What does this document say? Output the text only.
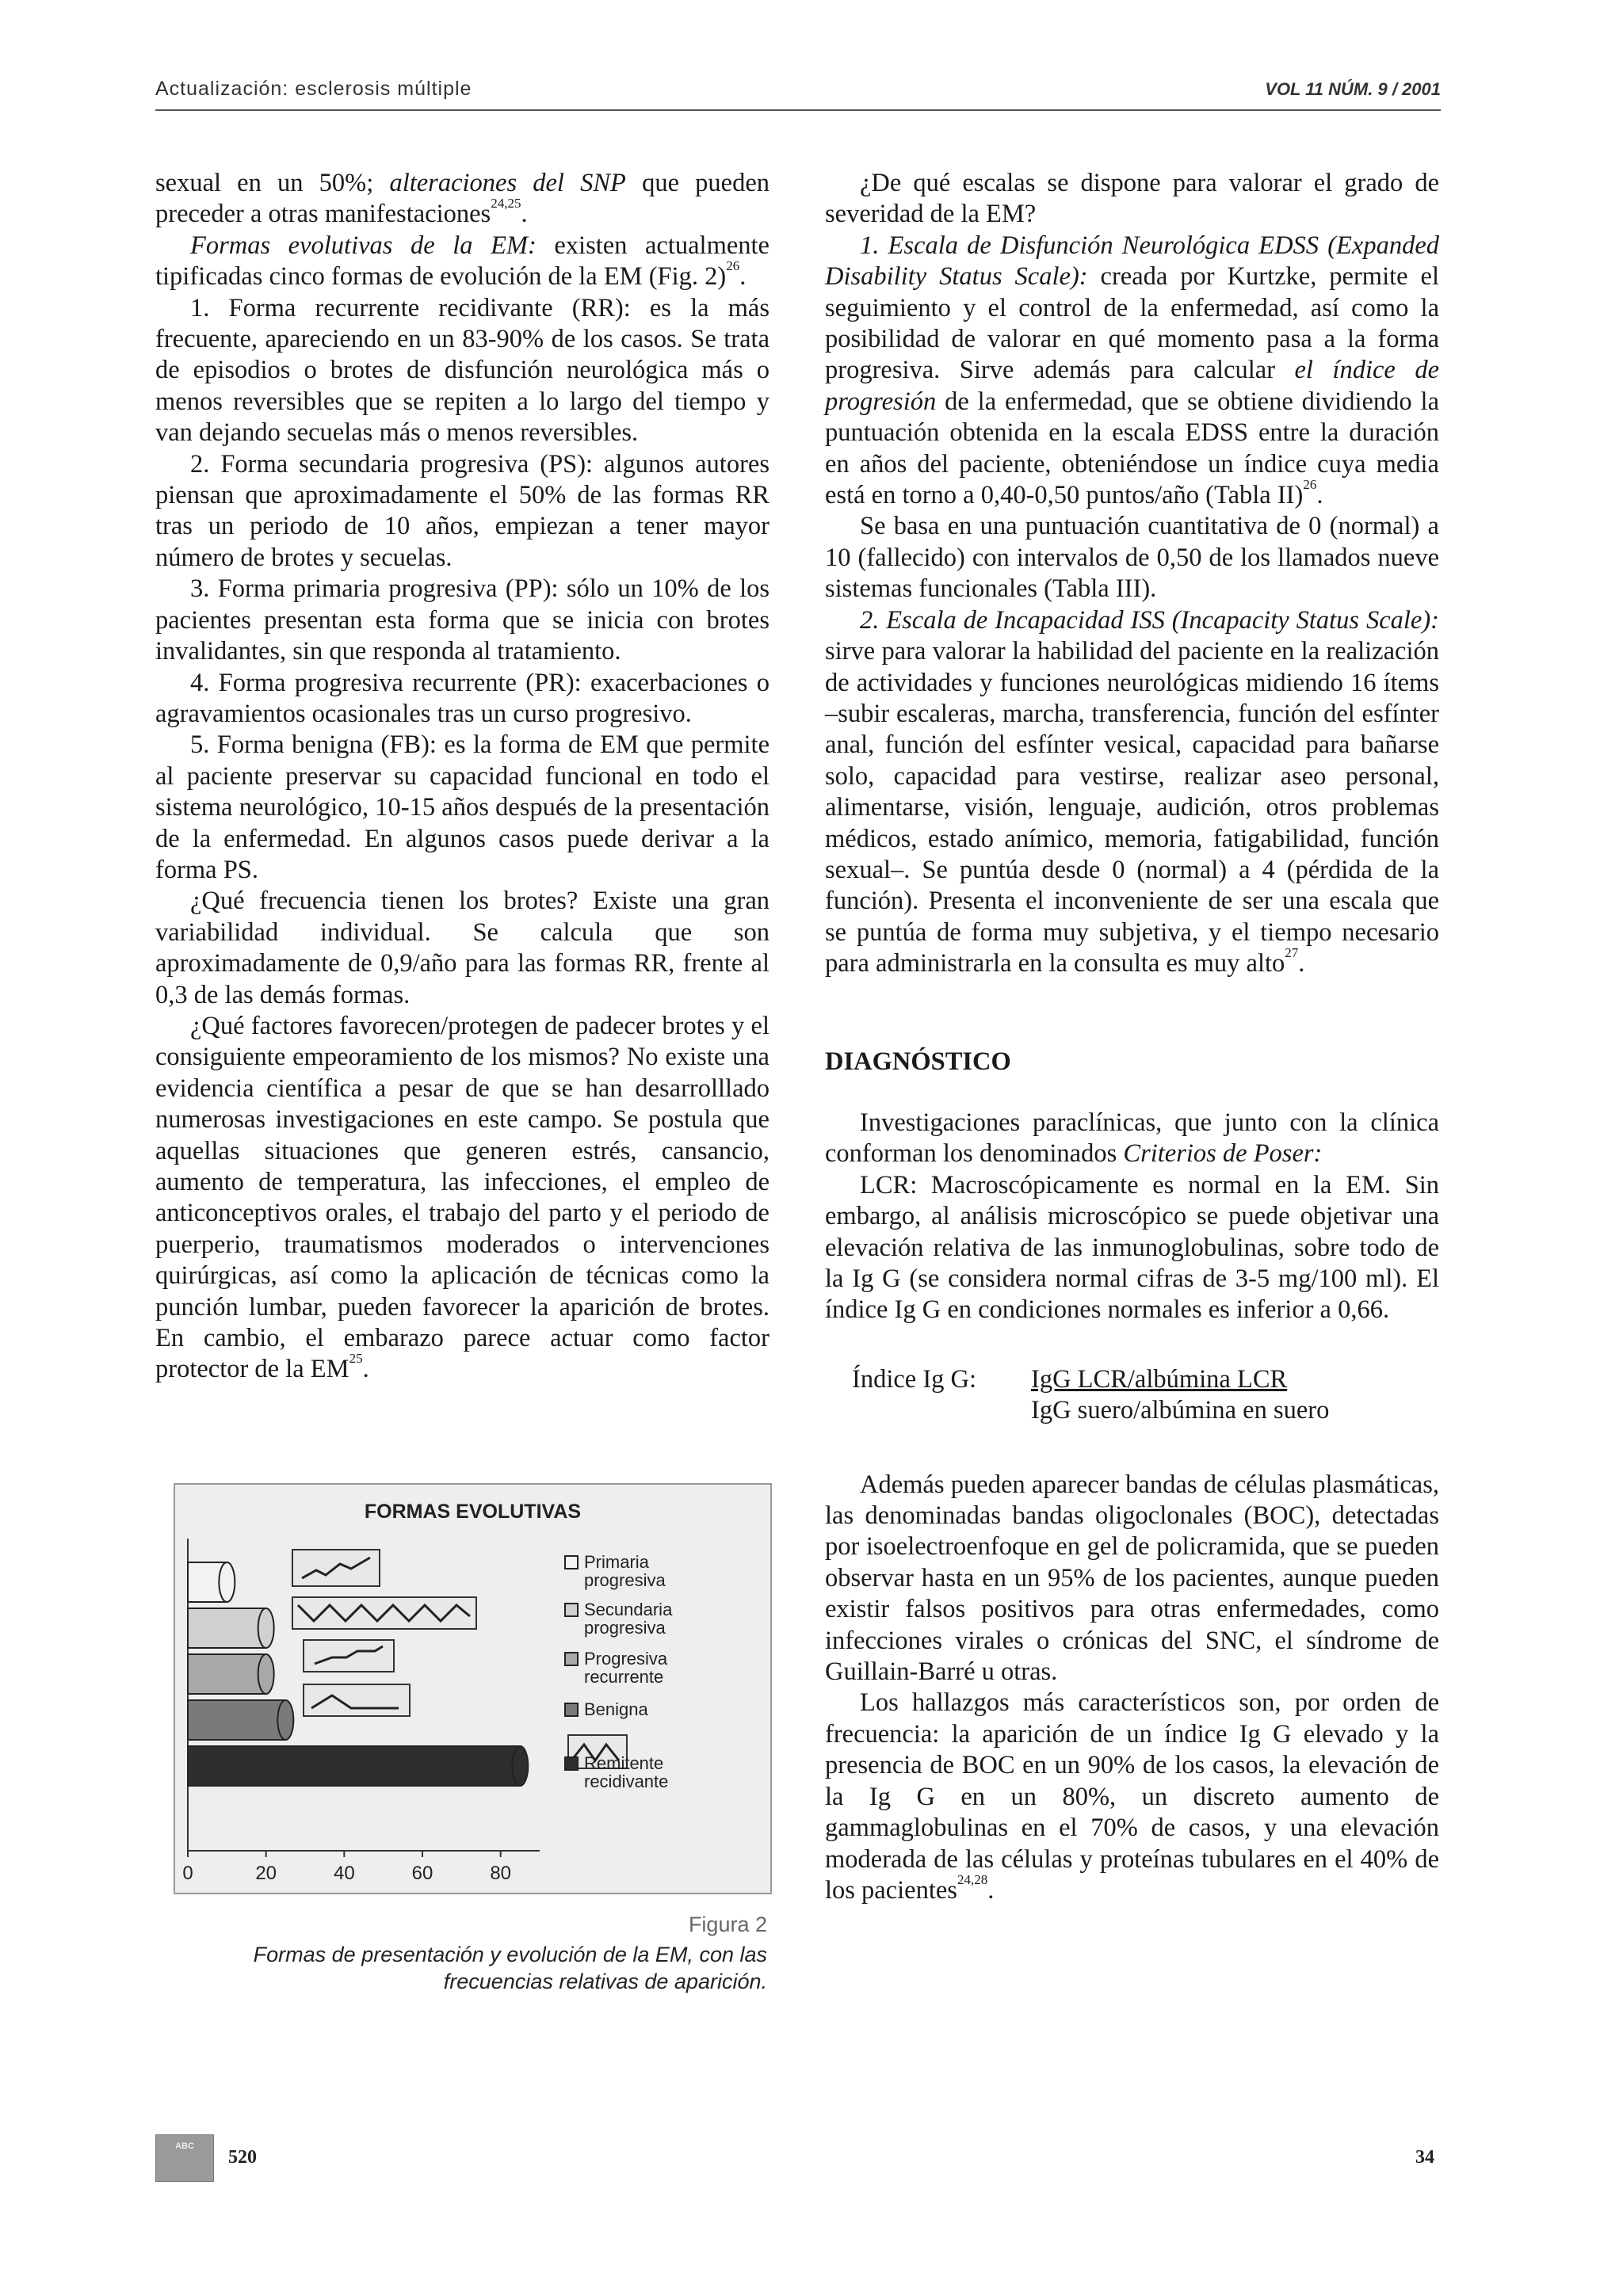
Actualización: esclerosis múltiple	VOL 11 NÚM. 9 / 2001

sexual en un 50%; alteraciones del SNP que pueden preceder a otras manifestaciones$^{24,25}$.

Formas evolutivas de la EM: existen actualmente tipificadas cinco formas de evolución de la EM (Fig. 2)$^{26}$.

1. Forma recurrente recidivante (RR): es la más frecuente, apareciendo en un 83-90% de los casos. Se trata de episodios o brotes de disfunción neurológica más o menos reversibles que se repiten a lo largo del tiempo y van dejando secuelas más o menos reversibles.

2. Forma secundaria progresiva (PS): algunos autores piensan que aproximadamente el 50% de las formas RR tras un periodo de 10 años, empiezan a tener mayor número de brotes y secuelas.

3. Forma primaria progresiva (PP): sólo un 10% de los pacientes presentan esta forma que se inicia con brotes invalidantes, sin que responda al tratamiento.

4. Forma progresiva recurrente (PR): exacerbaciones o agravamientos ocasionales tras un curso progresivo.

5. Forma benigna (FB): es la forma de EM que permite al paciente preservar su capacidad funcional en todo el sistema neurológico, 10-15 años después de la presentación de la enfermedad. En algunos casos puede derivar a la forma PS.

¿Qué frecuencia tienen los brotes? Existe una gran variabilidad individual. Se calcula que son aproximadamente de 0,9/año para las formas RR, frente al 0,3 de las demás formas.

¿Qué factores favorecen/protegen de padecer brotes y el consiguiente empeoramiento de los mismos? No existe una evidencia científica a pesar de que se han desarrolllado numerosas investigaciones en este campo. Se postula que aquellas situaciones que generen estrés, cansancio, aumento de temperatura, las infecciones, el empleo de anticonceptivos orales, el trabajo del parto y el periodo de puerperio, traumatismos moderados o intervenciones quirúrgicas, así como la aplicación de técnicas como la punción lumbar, pueden favorecer la aparición de brotes. En cambio, el embarazo parece actuar como factor protector de la EM$^{25}$.

¿De qué escalas se dispone para valorar el grado de severidad de la EM?

1. Escala de Disfunción Neurológica EDSS (Expanded Disability Status Scale): creada por Kurtzke, permite el seguimiento y el control de la enfermedad, así como la posibilidad de valorar en qué momento pasa a la forma progresiva. Sirve además para calcular el índice de progresión de la enfermedad, que se obtiene dividiendo la puntuación obtenida en la escala EDSS entre la duración en años del paciente, obteniéndose un índice cuya media está en torno a 0,40-0,50 puntos/año (Tabla II)$^{26}$.

Se basa en una puntuación cuantitativa de 0 (normal) a 10 (fallecido) con intervalos de 0,50 de los llamados nueve sistemas funcionales (Tabla III).

2. Escala de Incapacidad ISS (Incapacity Status Scale): sirve para valorar la habilidad del paciente en la realización de actividades y funciones neurológicas midiendo 16 ítems –subir escaleras, marcha, transferencia, función del esfínter anal, función del esfínter vesical, capacidad para bañarse solo, capacidad para vestirse, realizar aseo personal, alimentarse, visión, lenguaje, audición, otros problemas médicos, estado anímico, memoria, fatigabilidad, función sexual–. Se puntúa desde 0 (normal) a 4 (pérdida de la función). Presenta el inconveniente de ser una escala que se puntúa de forma muy subjetiva, y el tiempo necesario para administrarla en la consulta es muy alto$^{27}$.

DIAGNÓSTICO

Investigaciones paraclínicas, que junto con la clínica conforman los denominados Criterios de Poser:

LCR: Macroscópicamente es normal en la EM. Sin embargo, al análisis microscópico se puede objetivar una elevación relativa de las inmunoglobulinas, sobre todo de la Ig G (se considera normal cifras de 3-5 mg/100 ml). El índice Ig G en condiciones normales es inferior a 0,66.

Índice Ig G:	IgG LCR/albúmina LCR
IgG suero/albúmina en suero

Además pueden aparecer bandas de células plasmáticas, las denominadas bandas oligoclonales (BOC), detectadas por isoelectroenfoque en gel de policramida, que se pueden observar hasta en un 95% de los pacientes, aunque pueden existir falsos positivos para otras enfermedades, como infecciones virales o crónicas del SNC, el síndrome de Guillain-Barré u otras.

Los hallazgos más característicos son, por orden de frecuencia: la aparición de un índice Ig G elevado y la presencia de BOC en un 90% de los casos, la elevación de la Ig G en un 80%, un discreto aumento de gammaglobulinas en el 70% de casos, y una elevación moderada de las células y proteínas tubulares en el 40% de los pacientes$^{24,28}$.

FORMAS EVOLUTIVAS
0	20	40	60	80
Primaria
progresiva
Secundaria
progresiva
Progresiva
recurrente
Benigna
Remitente
recidivante
Figura 2
Formas de presentación y evolución de la EM, con las frecuencias relativas de aparición.
ABC
520	34
